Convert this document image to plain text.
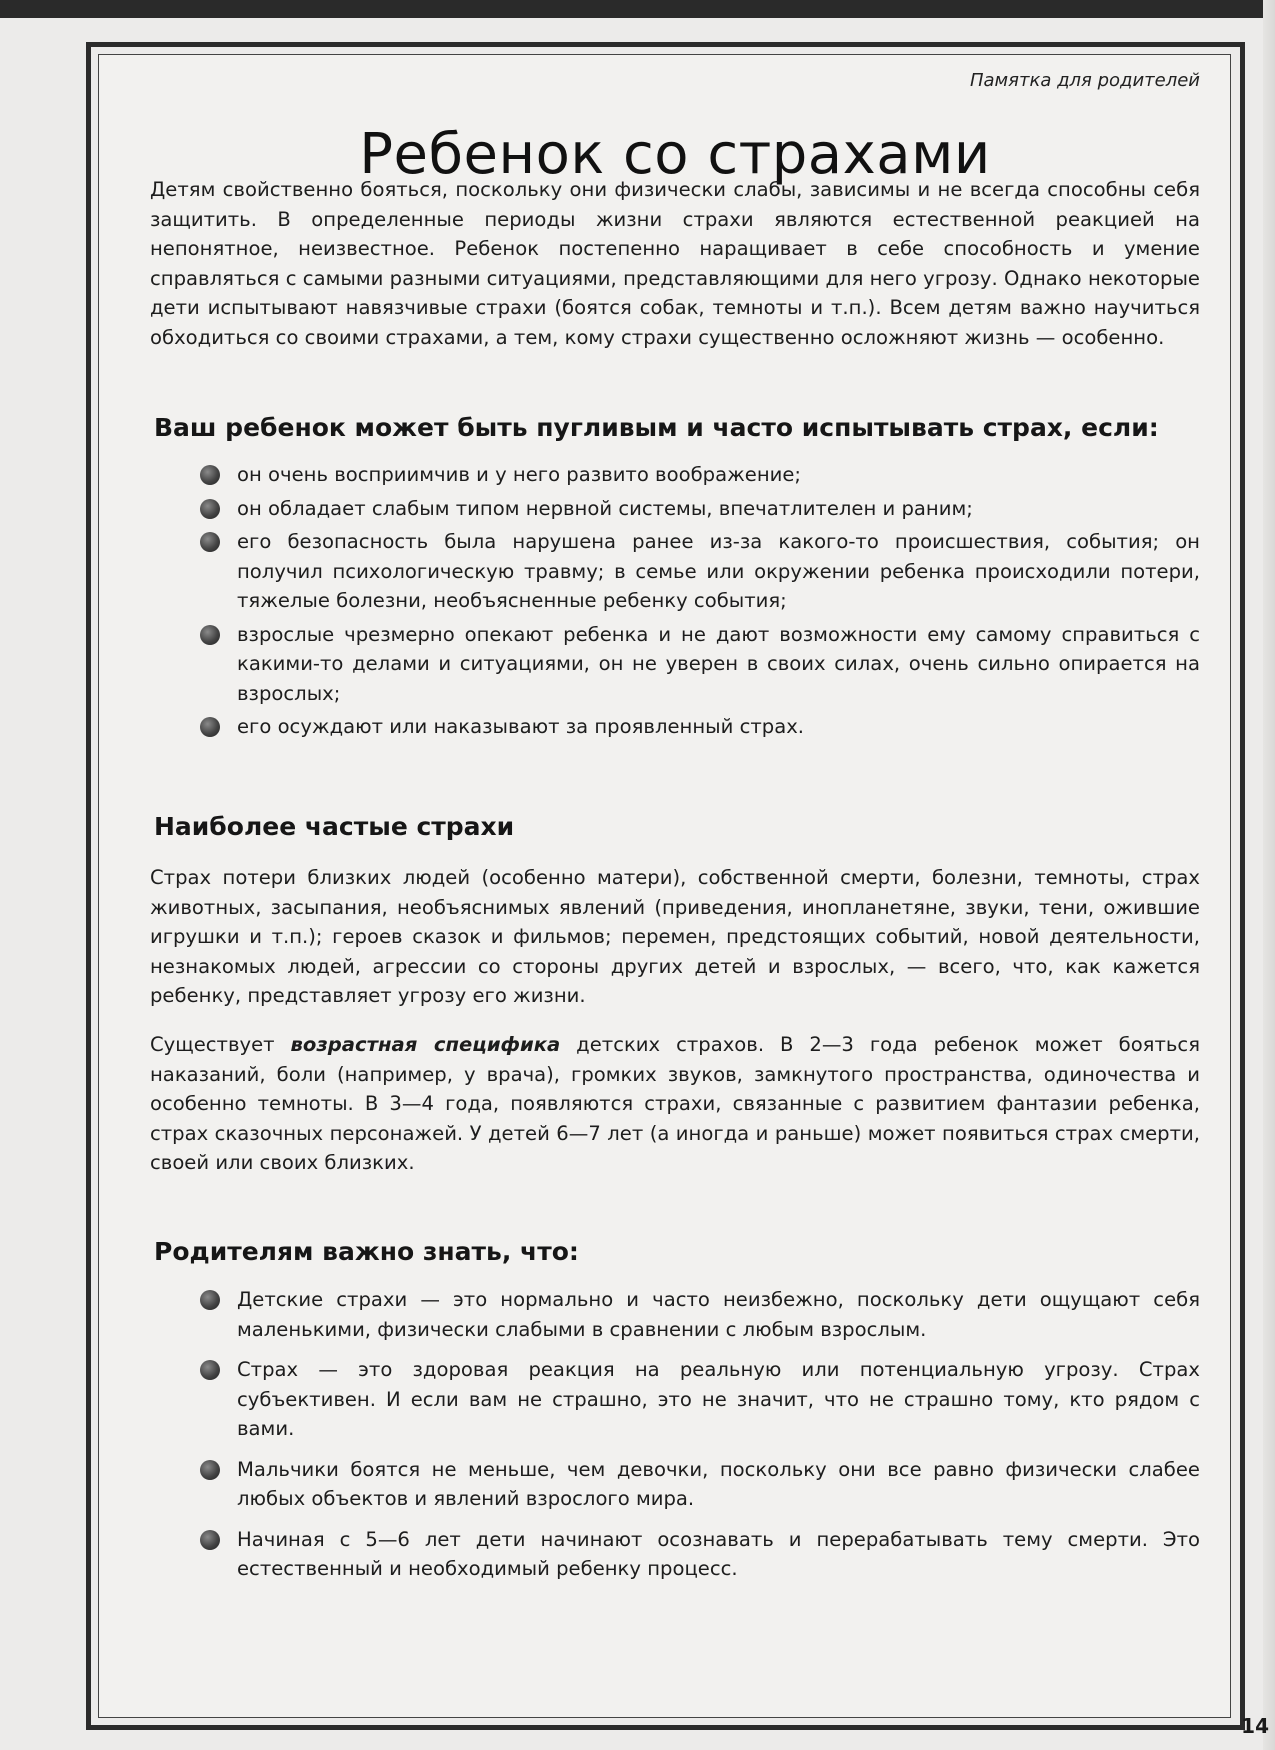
14
Памятка для родителей
Ребенок со страхами

Детям свойственно бояться, поскольку они физически слабы, зависимы и не всегда способны себя защитить. В определенные периоды жизни страхи являются естественной реакцией на непонятное, неизвестное. Ребенок постепенно наращивает в себе способность и умение справляться с самыми разными ситуациями, представляющими для него угрозу. Однако некоторые дети испытывают навязчивые страхи (боятся собак, темноты и т.п.). Всем детям важно научиться обходиться со своими страхами, а тем, кому страхи существенно осложняют жизнь — особенно.

Ваш ребенок может быть пугливым и часто испытывать страх, если:
он очень восприимчив и у него развито воображение;
он обладает слабым типом нервной системы, впечатлителен и раним;
его безопасность была нарушена ранее из-за какого-то происшествия, события; он получил психологическую травму; в семье или окружении ребенка происходили потери, тяжелые болезни, необъясненные ребенку события;
взрослые чрезмерно опекают ребенка и не дают возможности ему самому справиться с какими-то делами и ситуациями, он не уверен в своих силах, очень сильно опирается на взрослых;
его осуждают или наказывают за проявленный страх.
Наиболее частые страхи

Страх потери близких людей (особенно матери), собственной смерти, болезни, темноты, страх животных, засыпания, необъяснимых явлений (приведения, инопланетяне, звуки, тени, ожившие игрушки и т.п.); героев сказок и фильмов; перемен, предстоящих событий, новой деятельности, незнакомых людей, агрессии со стороны других детей и взрослых, — всего, что, как кажется ребенку, представляет угрозу его жизни.

Существует возрастная специфика детских страхов. В 2—3 года ребенок может бояться наказаний, боли (например, у врача), громких звуков, замкнутого пространства, одиночества и особенно темноты. В 3—4 года, появляются страхи, связанные с развитием фантазии ребенка, страх сказочных персонажей. У детей 6—7 лет (а иногда и раньше) может появиться страх смерти, своей или своих близких.

Родителям важно знать, что:
Детские страхи — это нормально и часто неизбежно, поскольку дети ощущают себя маленькими, физически слабыми в сравнении с любым взрослым.
Страх — это здоровая реакция на реальную или потенциальную угрозу. Страх субъективен. И если вам не страшно, это не значит, что не страшно тому, кто рядом с вами.
Мальчики боятся не меньше, чем девочки, поскольку они все равно физически слабее любых объектов и явлений взрослого мира.
Начиная с 5—6 лет дети начинают осознавать и перерабатывать тему смерти. Это естественный и необходимый ребенку процесс.
